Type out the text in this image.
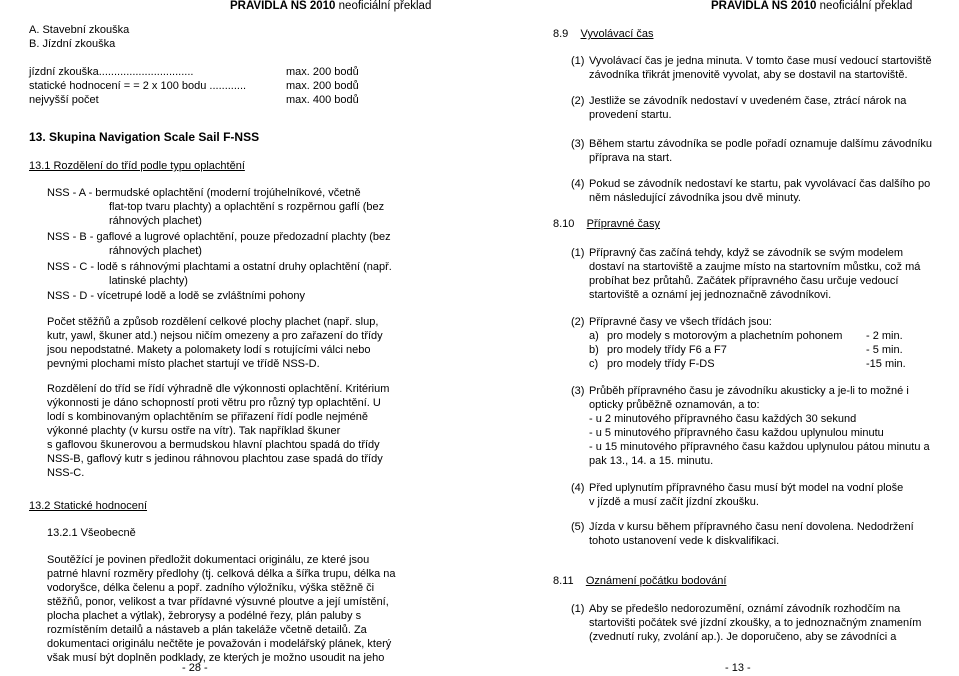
PRAVIDLA NS 2010 neoficiální překlad
A. Stavební zkouška
B. Jízdní zkouška
jízdní zkouška...............................	max. 200 bodů
statické hodnocení = = 2 x 100 bodu ............	max. 200 bodů
nejvyšší počet	max. 400 bodů
13. Skupina Navigation Scale Sail F-NSS
13.1 Rozdělení do tříd podle typu oplachtění
NSS - A - bermudské oplachtění (moderní trojúhelníkové, včetně
flat-top tvaru plachty) a oplachtění s rozpěrnou gaflí (bez
ráhnových plachet)
NSS - B - gaflové a lugrové oplachtění, pouze předozadní plachty (bez
ráhnových plachet)
NSS - C - lodě s ráhnovými plachtami a ostatní druhy oplachtění (např.
latinské plachty)
NSS - D - vícetrupé lodě a lodě se zvláštními pohony
Počet stěžňů a způsob rozdělení celkové plochy plachet (např. slup,
kutr, yawl, škuner atd.) nejsou ničím omezeny a pro zařazení do třídy
jsou nepodstatné. Makety a polomakety lodí s rotujícími válci nebo
pevnými plochami místo plachet startují ve třídě NSS-D.
Rozdělení do tříd se řídí výhradně dle výkonnosti oplachtění. Kritérium
výkonnosti je dáno schopností proti větru pro různý typ oplachtění. U
lodí s kombinovaným oplachtěním se přiřazení řídí podle nejméně
výkonné plachty (v kursu ostře na vítr). Tak například škuner
s gaflovou škunerovou a bermudskou hlavní plachtou spadá do třídy
NSS-B, gaflový kutr s jedinou ráhnovou plachtou zase spadá do třídy
NSS-C.
13.2 Statické hodnocení
13.2.1 Všeobecně
Soutěžící je povinen předložit dokumentaci originálu, ze které jsou
patrné hlavní rozměry předlohy (tj. celková délka a šířka trupu, délka na
vodoryšce, délka čelenu a popř. zadního výložníku, výška stěžně či
stěžňů, ponor, velikost a tvar přídavné výsuvné ploutve a její umístění,
plocha plachet a výtlak), žebrorysy a podélné řezy, plán paluby s
rozmístěním detailů a nástaveb a plán takeláže včetně detailů. Za
dokumentaci originálu nečtěte je považován i modelářský plánek, který
však musí být doplněn podklady, ze kterých je možno usoudit na jeho
- 28 -
PRAVIDLA NS 2010 neoficiální překlad
8.9 Vyvolávací čas
(1) Vyvolávací čas je jedna minuta. V tomto čase musí vedoucí startoviště
závodníka třikrát jmenovitě vyvolat, aby se dostavil na startoviště.
(2) Jestliže se závodník nedostaví v uvedeném čase, ztrácí nárok na
provedení startu.
(3) Během startu závodníka se podle pořadí oznamuje dalšímu závodníku
příprava na start.
(4) Pokud se závodník nedostaví ke startu, pak vyvolávací čas dalšího po
něm následující závodníka jsou dvě minuty.
8.10 Přípravné časy
(1) Přípravný čas začíná tehdy, když se závodník se svým modelem
dostaví na startoviště a zaujme místo na startovním můstku, což má
probíhat bez průtahů. Začátek přípravného času určuje vedoucí
startoviště a oznámí jej jednoznačně závodníkovi.
(2) Přípravné časy ve všech třídách jsou:
a) pro modely s motorovým a plachetním pohonem - 2 min.
b) pro modely třídy F6 a F7	- 5 min.
c) pro modely třídy F-DS	-15 min.
(3) Průběh přípravného času je závodníku akusticky a je-li to možné i
opticky průběžně oznamován, a to:
- u 2 minutového přípravného času každých 30 sekund
- u 5 minutového přípravného času každou uplynulou minutu
- u 15 minutového přípravného času každou uplynulou pátou minutu a
pak 13., 14. a 15. minutu.
(4) Před uplynutím přípravného času musí být model na vodní ploše
v jízdě a musí začít jízdní zkoušku.
(5) Jízda v kursu během přípravného času není dovolena. Nedodržení
tohoto ustanovení vede k diskvalifikaci.
8.11 Oznámení počátku bodování
(1) Aby se předešlo nedorozumění, oznámí závodník rozhodčím na
startovišti počátek své jízdní zkoušky, a to jednoznačným znamením
(zvednutí ruky, zvolání ap.). Je doporučeno, aby se závodníci a
- 13 -
